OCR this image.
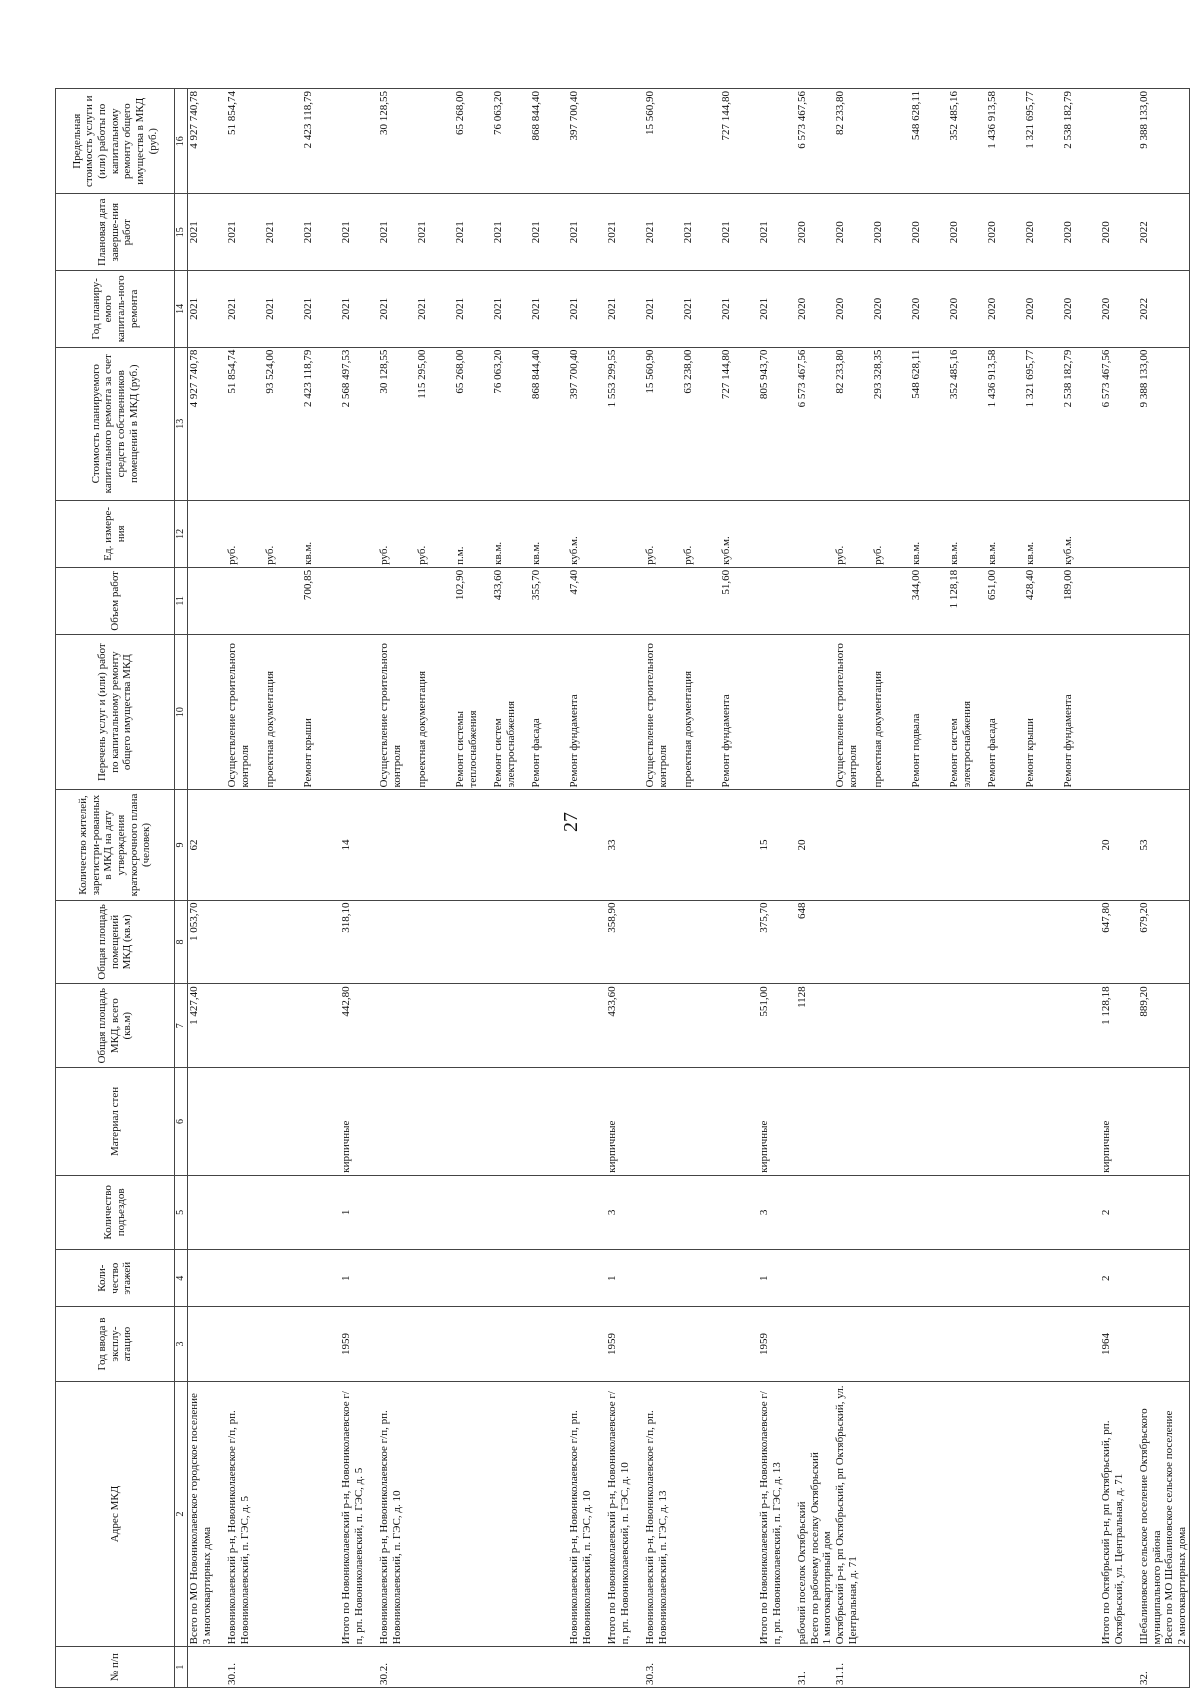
27
№ п/п	Адрес МКД	Год ввода в эксплу-атацию	Коли-чество этажей	Количество подъездов	Материал стен	Общая площадь МКД, всего (кв.м)	Общая площадь помещений МКД (кв.м)	Количество жителей, зарегистри-рованных в МКД на дату утверждения краткосрочного плана (человек)	Перечень услуг и (или) работ по капитальному ремонту общего имущества МКД	Объем работ	Ед. измере-ния	Стоимость планируемого капитального ремонта за счет средств собственников помещений в МКД (руб.)	Год планиру-емого капиталь-ного ремонта	Плановая дата заверше-ния работ	Предельная стоимость услуги и (или) работы по капитальному ремонту общего имущества в МКД (руб.)
1	2	3	4	5	6	7	8	9	10	11	12	13	14	15	16
	Всего по МО Новониколаевское городское поселение
3 многоквартирных дома					1 427,40	1 053,70	62				4 927 740,78	2021	2021	4 927 740,78
30.1.	Новониколаевский р-н, Новониколаевское г/п, рп. Новониколаевский, п. ГЭС, д. 5								Осуществление строительного контроля		руб.	51 854,74	2021	2021	51 854,74
									проектная документация		руб.	93 524,00	2021	2021	
									Ремонт крыши	700,85	кв.м.	2 423 118,79	2021	2021	2 423 118,79
	Итого по Новониколаевский р-н, Новониколаевское г/п, рп. Новониколаевский, п. ГЭС, д. 5	1959	1	1	кирпичные	442,80	318,10	14				2 568 497,53	2021	2021	
30.2.	Новониколаевский р-н, Новониколаевское г/п, рп. Новониколаевский, п. ГЭС, д. 10								Осуществление строительного контроля		руб.	30 128,55	2021	2021	30 128,55
									проектная документация		руб.	115 295,00	2021	2021	
									Ремонт системы теплоснабжения	102,90	п.м.	65 268,00	2021	2021	65 268,00
									Ремонт систем электроснабжения	433,60	кв.м.	76 063,20	2021	2021	76 063,20
									Ремонт фасада	355,70	кв.м.	868 844,40	2021	2021	868 844,40
	Новониколаевский р-н, Новониколаевское г/п, рп. Новониколаевский, п. ГЭС, д. 10								Ремонт фундамента	47,40	куб.м.	397 700,40	2021	2021	397 700,40
	Итого по Новониколаевский р-н, Новониколаевское г/п, рп. Новониколаевский, п. ГЭС, д. 10	1959	1	3	кирпичные	433,60	358,90	33				1 553 299,55	2021	2021	
30.3.	Новониколаевский р-н, Новониколаевское г/п, рп. Новониколаевский, п. ГЭС, д. 13								Осуществление строительного контроля		руб.	15 560,90	2021	2021	15 560,90
									проектная документация		руб.	63 238,00	2021	2021	
									Ремонт фундамента	51,60	куб.м.	727 144,80	2021	2021	727 144,80
	Итого по Новониколаевский р-н, Новониколаевское г/п, рп. Новониколаевский, п. ГЭС, д. 13	1959	1	3	кирпичные	551,00	375,70	15				805 943,70	2021	2021	
31.	рабочий поселок Октябрьский
Всего по рабочему поселку Октябрьский
1 многоквартирный дом					1128	648	20				6 573 467,56	2020	2020	6 573 467,56
31.1.	Октябрьский р-н, рп Октябрьский, рп Октябрьский, ул. Центральная, д. 71								Осуществление строительного контроля		руб.	82 233,80	2020	2020	82 233,80
									проектная документация		руб.	293 328,35	2020	2020	
									Ремонт подвала	344,00	кв.м.	548 628,11	2020	2020	548 628,11
									Ремонт систем электроснабжения	1 128,18	кв.м.	352 485,16	2020	2020	352 485,16
									Ремонт фасада	651,00	кв.м.	1 436 913,58	2020	2020	1 436 913,58
									Ремонт крыши	428,40	кв.м.	1 321 695,77	2020	2020	1 321 695,77
									Ремонт фундамента	189,00	куб.м.	2 538 182,79	2020	2020	2 538 182,79
	Итого по Октябрьский р-н, рп Октябрьский, рп. Октябрьский, ул. Центральная, д. 71	1964	2	2	кирпичные	1 128,18	647,80	20				6 573 467,56	2020	2020	
32.	Шебалиновское сельское поселение Октябрьского муниципального района
Всего по МО Шебалиновское сельское поселение
2 многоквартирных дома					889,20	679,20	53				9 388 133,00	2022	2022	9 388 133,00
